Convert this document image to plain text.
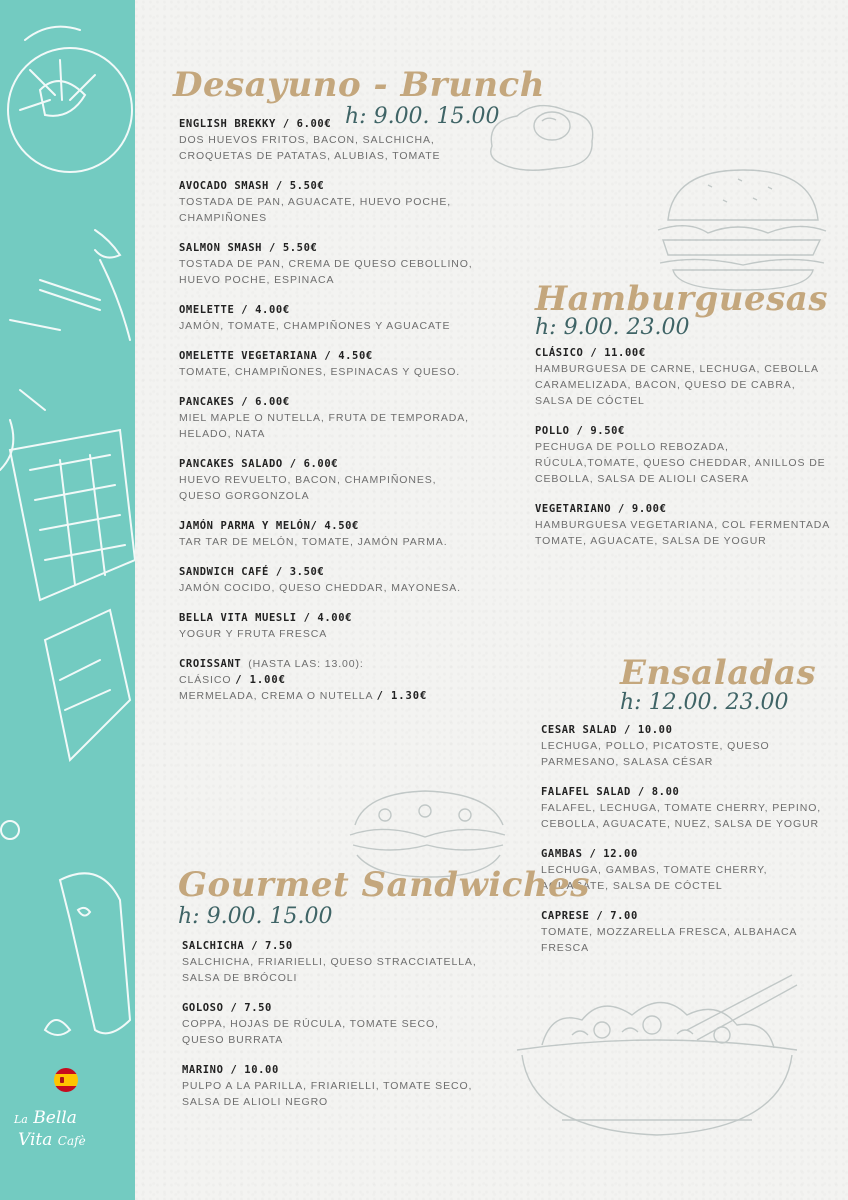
La Bella
Vita Cafè
Desayuno - Brunch
h: 9.00. 15.00
ENGLISH BREKKY / 6.00€
DOS HUEVOS FRITOS, BACON, SALCHICHA, CROQUETAS DE PATATAS, ALUBIAS, TOMATE
AVOCADO SMASH / 5.50€
TOSTADA DE PAN, AGUACATE, HUEVO POCHE, CHAMPIÑONES
SALMON SMASH / 5.50€
TOSTADA DE PAN, CREMA DE QUESO CEBOLLINO, HUEVO POCHE, ESPINACA
OMELETTE / 4.00€
JAMÓN, TOMATE, CHAMPIÑONES Y AGUACATE
OMELETTE VEGETARIANA / 4.50€
TOMATE, CHAMPIÑONES, ESPINACAS Y QUESO.
PANCAKES / 6.00€
MIEL MAPLE O NUTELLA, FRUTA DE TEMPORADA, HELADO, NATA
PANCAKES SALADO / 6.00€
HUEVO REVUELTO, BACON, CHAMPIÑONES, QUESO GORGONZOLA
JAMÓN PARMA Y MELÓN/ 4.50€
TAR TAR DE MELÓN, TOMATE, JAMÓN PARMA.
SANDWICH CAFÉ / 3.50€
JAMÓN COCIDO, QUESO CHEDDAR, MAYONESA.
BELLA VITA MUESLI / 4.00€
YOGUR Y FRUTA FRESCA
CROISSANT (HASTA LAS: 13.00):
CLÁSICO / 1.00€
MERMELADA, CREMA O NUTELLA / 1.30€
Hamburguesas
h: 9.00. 23.00
CLÁSICO / 11.00€
HAMBURGUESA DE CARNE, LECHUGA, CEBOLLA CARAMELIZADA, BACON, QUESO DE CABRA, SALSA DE CÓCTEL
POLLO / 9.50€
PECHUGA DE POLLO REBOZADA, RÚCULA,TOMATE, QUESO CHEDDAR, ANILLOS DE CEBOLLA, SALSA DE ALIOLI CASERA
VEGETARIANO / 9.00€
HAMBURGUESA VEGETARIANA, COL FERMENTADA TOMATE, AGUACATE, SALSA DE YOGUR
Ensaladas
h: 12.00. 23.00
CESAR SALAD / 10.00
LECHUGA, POLLO, PICATOSTE, QUESO PARMESANO, SALASA CÉSAR
FALAFEL SALAD / 8.00
FALAFEL, LECHUGA, TOMATE CHERRY, PEPINO, CEBOLLA, AGUACATE, NUEZ, SALSA DE YOGUR
GAMBAS / 12.00
LECHUGA, GAMBAS, TOMATE CHERRY, AGUACATE, SALSA DE CÓCTEL
CAPRESE / 7.00
TOMATE, MOZZARELLA FRESCA, ALBAHACA FRESCA
Gourmet Sandwiches
h: 9.00. 15.00
SALCHICHA / 7.50
SALCHICHA, FRIARIELLI, QUESO STRACCIATELLA, SALSA DE BRÓCOLI
GOLOSO / 7.50
COPPA, HOJAS DE RÚCULA, TOMATE SECO, QUESO BURRATA
MARINO / 10.00
PULPO A LA PARILLA, FRIARIELLI, TOMATE SECO, SALSA DE ALIOLI NEGRO
